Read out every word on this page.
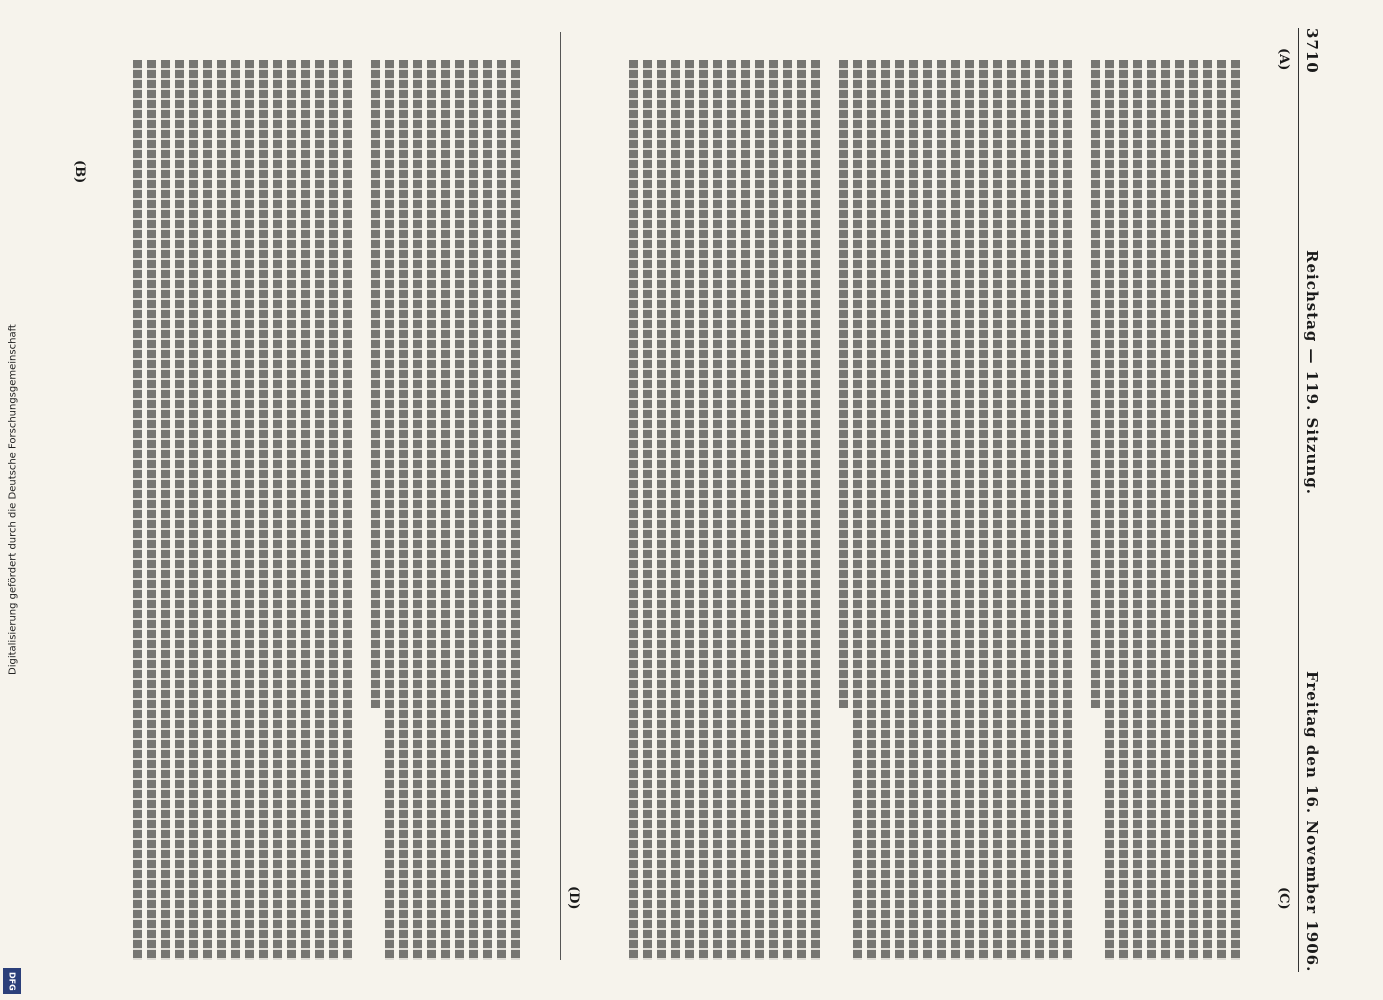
3710
Reichstag — 119. Sitzung.
Freitag den 16. November 1906.
(A)
(B)
(C)
(D)
Digitalisierung gefördert durch die Deutsche Forschungsgemeinschaft
DFG
